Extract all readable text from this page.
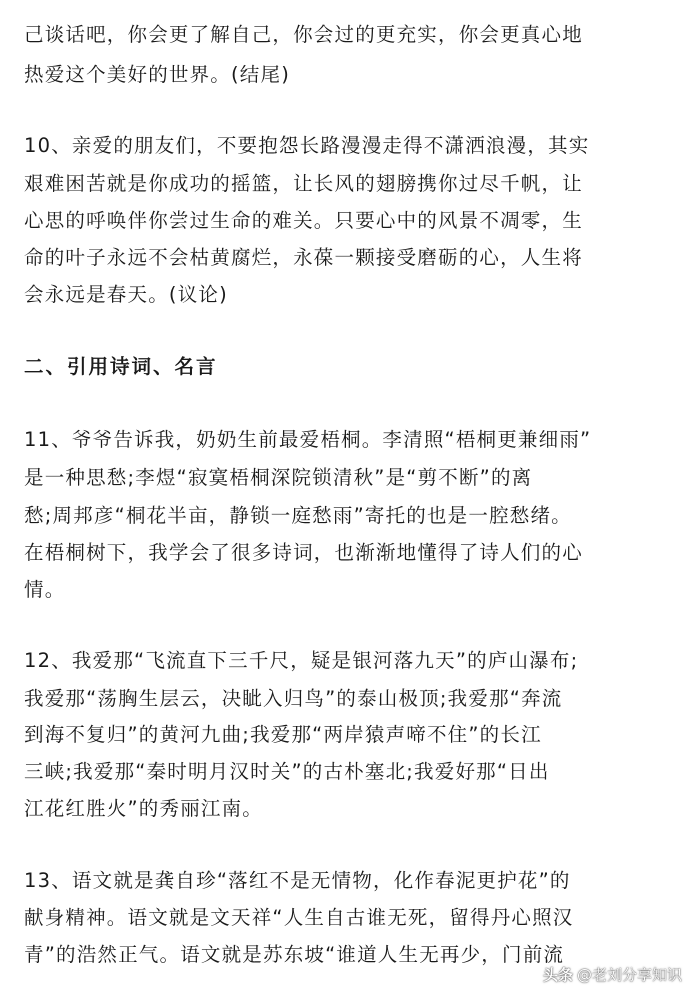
己谈话吧，你会更了解自己，你会过的更充实，你会更真心地
热爱这个美好的世界。(结尾)
10、亲爱的朋友们，不要抱怨长路漫漫走得不潇洒浪漫，其实
艰难困苦就是你成功的摇篮，让长风的翅膀携你过尽千帆，让
心思的呼唤伴你尝过生命的难关。只要心中的风景不凋零，生
命的叶子永远不会枯黄腐烂，永葆一颗接受磨砺的心，人生将
会永远是春天。(议论)
二、引用诗词、名言
11、爷爷告诉我，奶奶生前最爱梧桐。李清照“梧桐更兼细雨”
是一种思愁;李煜“寂寞梧桐深院锁清秋”是“剪不断”的离
愁;周邦彦“桐花半亩，静锁一庭愁雨”寄托的也是一腔愁绪。
在梧桐树下，我学会了很多诗词，也渐渐地懂得了诗人们的心
情。
12、我爱那“飞流直下三千尺，疑是银河落九天”的庐山瀑布;
我爱那“荡胸生层云，决眦入归鸟”的泰山极顶;我爱那“奔流
到海不复归”的黄河九曲;我爱那“两岸猿声啼不住”的长江
三峡;我爱那“秦时明月汉时关”的古朴塞北;我爱好那“日出
江花红胜火”的秀丽江南。
13、语文就是龚自珍“落红不是无情物，化作春泥更护花”的
献身精神。语文就是文天祥“人生自古谁无死，留得丹心照汉
青”的浩然正气。语文就是苏东坡“谁道人生无再少，门前流
头条 @老刘分享知识
